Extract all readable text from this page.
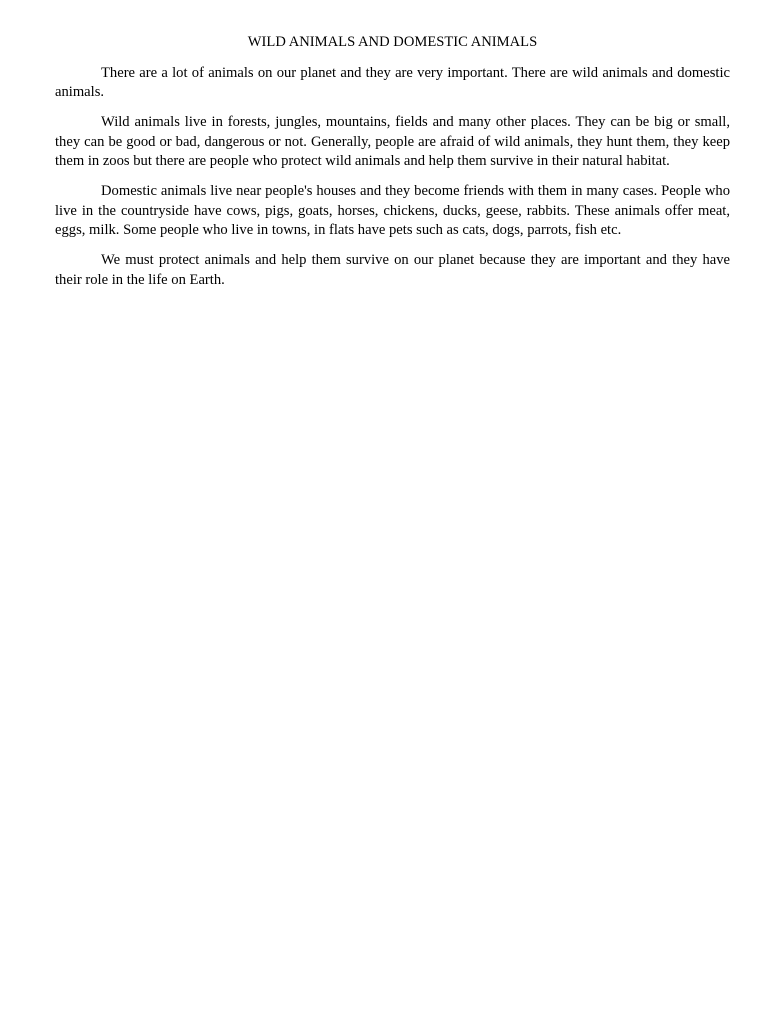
WILD ANIMALS AND DOMESTIC ANIMALS

There are a lot of animals on our planet and they are very important. There are wild animals and domestic animals.

Wild animals live in forests, jungles, mountains, fields and many other places. They can be big or small, they can be good or bad, dangerous or not. Generally, people are afraid of wild animals, they hunt them, they keep them in zoos but there are people who protect wild animals and help them survive in their natural habitat.

Domestic animals live near people's houses and they become friends with them in many cases. People who live in the countryside have cows, pigs, goats, horses, chickens, ducks, geese, rabbits. These animals offer meat, eggs, milk. Some people who live in towns, in flats have pets such as cats, dogs, parrots, fish etc.

We must protect animals and help them survive on our planet because they are important and they have their role in the life on Earth.
